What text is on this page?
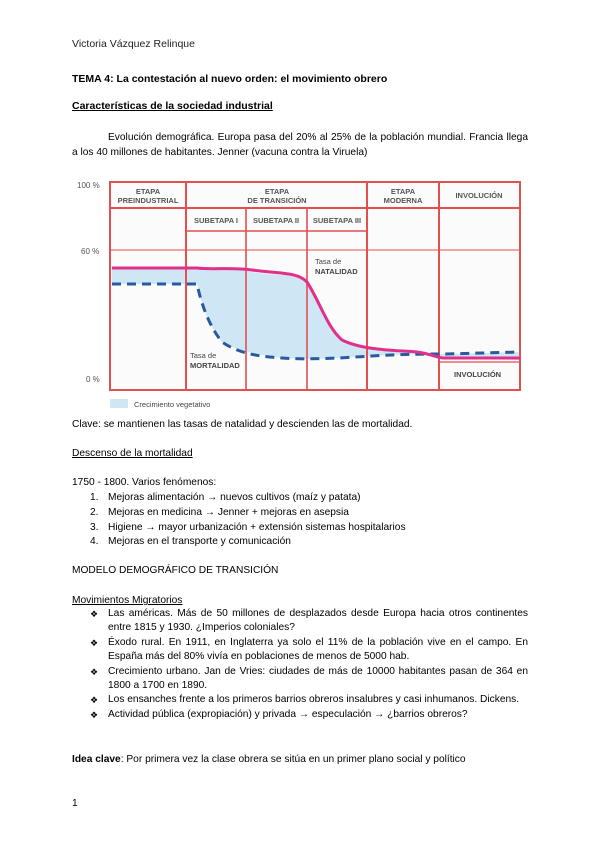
Victoria Vázquez Relinque
TEMA 4: La contestación al nuevo orden: el movimiento obrero
Características de la sociedad industrial
Evolución demográfica. Europa pasa del 20% al 25% de la población mundial. Francia llega a los 40 millones de habitantes. Jenner (vacuna contra la Viruela)
100 %
60 %
0 %
ETAPA PREINDUSTRIAL
ETAPA DE TRANSICIÓN
ETAPA MODERNA
INVOLUCIÓN
SUBETAPA I SUBETAPA II SUBETAPA III
Tasa de NATALIDAD
Tasa de MORTALIDAD
INVOLUCIÓN
Crecimiento vegetativo
Clave: se mantienen las tasas de natalidad y descienden las de mortalidad.
Descenso de la mortalidad
1750 - 1800. Varios fenómenos:
1. Mejoras alimentación → nuevos cultivos (maíz y patata)
2. Mejoras en medicina → Jenner + mejoras en asepsia
3. Higiene → mayor urbanización + extensión sistemas hospitalarios
4. Mejoras en el transporte y comunicación
MODELO DEMOGRÁFICO DE TRANSICIÓN
Movimientos Migratorios
❖ Las américas. Más de 50 millones de desplazados desde Europa hacia otros continentes entre 1815 y 1930. ¿Imperios coloniales?
❖ Éxodo rural. En 1911, en Inglaterra ya solo el 11% de la población vive en el campo. En España más del 80% vivía en poblaciones de menos de 5000 hab.
❖ Crecimiento urbano. Jan de Vries: ciudades de más de 10000 habitantes pasan de 364 en 1800 a 1700 en 1890.
❖ Los ensanches frente a los primeros barrios obreros insalubres y casi inhumanos. Dickens.
❖ Actividad pública (expropiación) y privada → especulación → ¿barrios obreros?
Idea clave: Por primera vez la clase obrera se sitúa en un primer plano social y político
1
